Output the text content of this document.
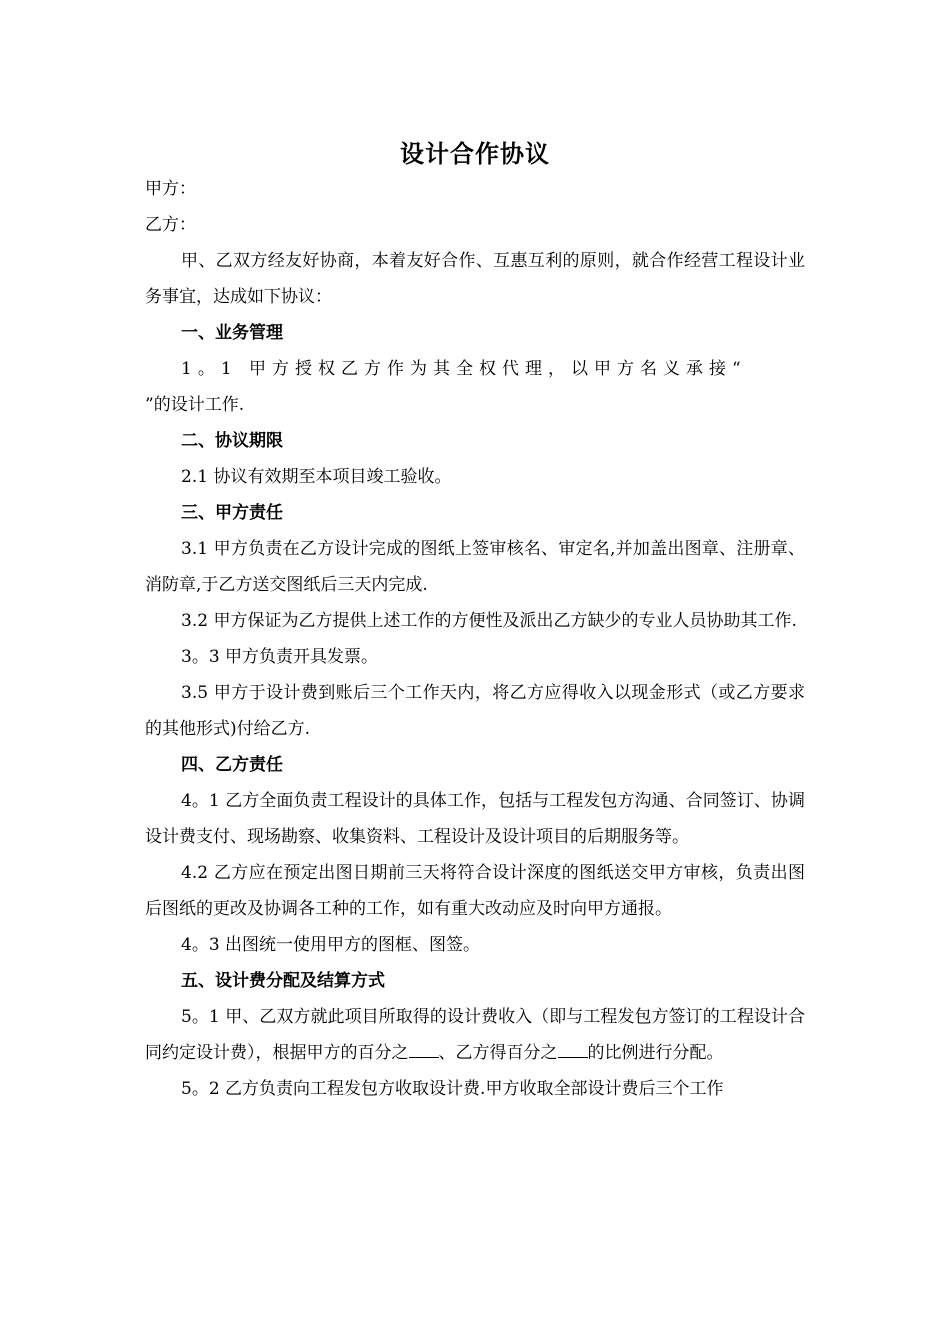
设计合作协议

甲方：

乙方：

甲、乙双方经友好协商，本着友好合作、互惠互利的原则，就合作经营工程设计业务事宜，达成如下协议：

一、业务管理

1。1 甲方授权乙方作为其全权代理，以甲方名义承接“

”的设计工作.

二、协议期限

2.1 协议有效期至本项目竣工验收。

三、甲方责任

3.1 甲方负责在乙方设计完成的图纸上签审核名、审定名,并加盖出图章、注册章、消防章,于乙方送交图纸后三天内完成.

3.2 甲方保证为乙方提供上述工作的方便性及派出乙方缺少的专业人员协助其工作.

3。3 甲方负责开具发票。

3.5 甲方于设计费到账后三个工作天内，将乙方应得收入以现金形式（或乙方要求的其他形式)付给乙方.

四、乙方责任

4。1 乙方全面负责工程设计的具体工作，包括与工程发包方沟通、合同签订、协调设计费支付、现场勘察、收集资料、工程设计及设计项目的后期服务等。

4.2 乙方应在预定出图日期前三天将符合设计深度的图纸送交甲方审核，负责出图后图纸的更改及协调各工种的工作，如有重大改动应及时向甲方通报。

4。3 出图统一使用甲方的图框、图签。

五、设计费分配及结算方式

5。1 甲、乙双方就此项目所取得的设计费收入（即与工程发包方签订的工程设计合同约定设计费），根据甲方的百分之 、乙方得百分之 的比例进行分配。

5。2 乙方负责向工程发包方收取设计费.甲方收取全部设计费后三个工作
